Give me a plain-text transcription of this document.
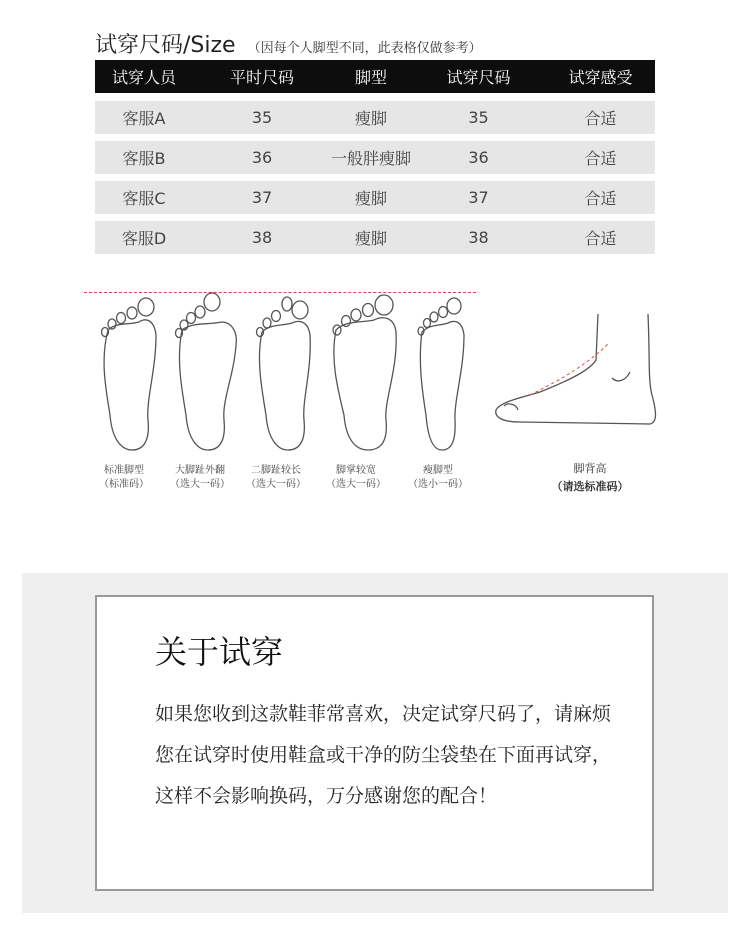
试穿尺码/Size （因每个人脚型不同，此表格仅做参考）
试穿人员	平时尺码	脚型	试穿尺码	试穿感受
客服A	35	瘦脚	35	合适
客服B	36	一般胖瘦脚	36	合适
客服C	37	瘦脚	37	合适
客服D	38	瘦脚	38	合适
标准脚型
（标准码）
大脚趾外翻
（选大一码）
二脚趾较长
（选大一码）
脚掌较宽
（选大一码）
瘦脚型
（选小一码）
脚背高
（请选标准码）
关于试穿
如果您收到这款鞋菲常喜欢，决定试穿尺码了，请麻烦您在试穿时使用鞋盒或干净的防尘袋垫在下面再试穿，这样不会影响换码，万分感谢您的配合！
